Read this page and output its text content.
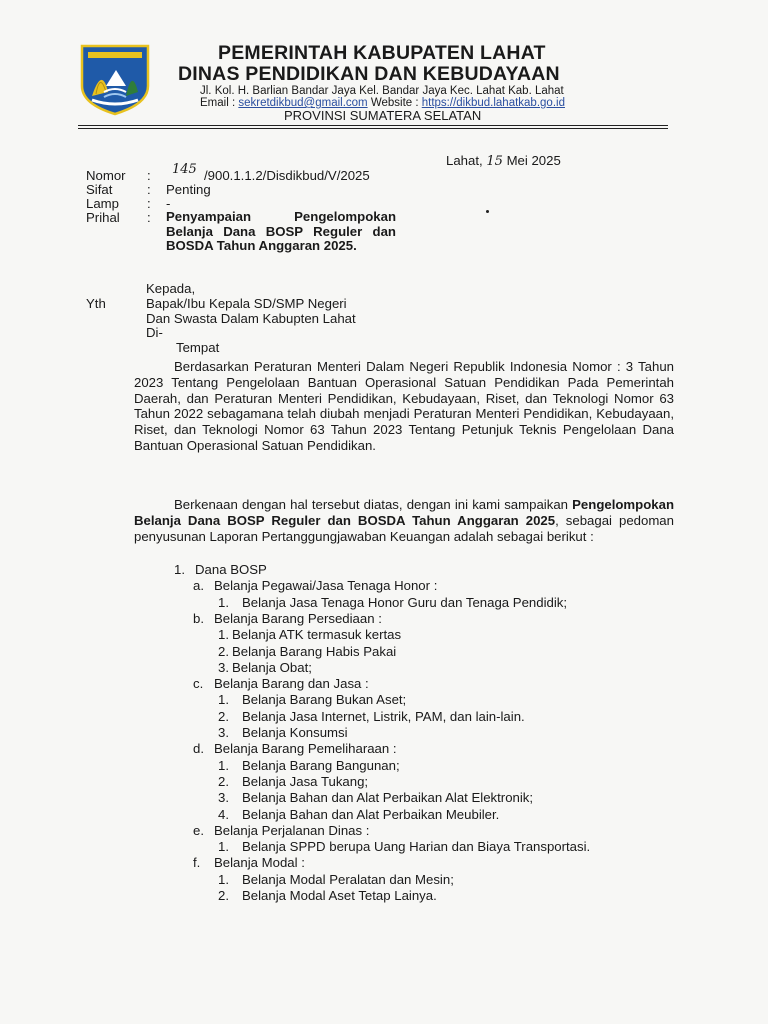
PEMERINTAH KABUPATEN LAHAT
DINAS PENDIDIKAN DAN KEBUDAYAAN
Jl. Kol. H. Barlian Bandar Jaya Kel. Bandar Jaya Kec. Lahat Kab. Lahat
Email : sekretdikbud@gmail.com Website : https://dikbud.lahatkab.go.id
PROVINSI SUMATERA SELATAN
Lahat, 15 Mei 2025
Nomor : 145 /900.1.1.2/Disdikbud/V/2025
Sifat	: Penting
Lamp : -
Prihal : Penyampaian Pengelompokan Belanja Dana BOSP Reguler dan BOSDA Tahun Anggaran 2025.
Kepada,
Yth	Bapak/Ibu Kepala SD/SMP Negeri
Dan Swasta Dalam Kabupten Lahat
Di-
Tempat
Berdasarkan Peraturan Menteri Dalam Negeri Republik Indonesia Nomor : 3 Tahun 2023 Tentang Pengelolaan Bantuan Operasional Satuan Pendidikan Pada Pemerintah Daerah, dan Peraturan Menteri Pendidikan, Kebudayaan, Riset, dan Teknologi Nomor 63 Tahun 2022 sebagamana telah diubah menjadi Peraturan Menteri Pendidikan, Kebudayaan, Riset, dan Teknologi Nomor 63 Tahun 2023 Tentang Petunjuk Teknis Pengelolaan Dana Bantuan Operasional Satuan Pendidikan.
Berkenaan dengan hal tersebut diatas, dengan ini kami sampaikan Pengelompokan Belanja Dana BOSP Reguler dan BOSDA Tahun Anggaran 2025, sebagai pedoman penyusunan Laporan Pertanggungjawaban Keuangan adalah sebagai berikut :
1. Dana BOSP
a. Belanja Pegawai/Jasa Tenaga Honor :
1. Belanja Jasa Tenaga Honor Guru dan Tenaga Pendidik;
b. Belanja Barang Persediaan :
1. Belanja ATK termasuk kertas
2. Belanja Barang Habis Pakai
3. Belanja Obat;
c. Belanja Barang dan Jasa :
1. Belanja Barang Bukan Aset;
2. Belanja Jasa Internet, Listrik, PAM, dan lain-lain.
3. Belanja Konsumsi
d. Belanja Barang Pemeliharaan :
1. Belanja Barang Bangunan;
2. Belanja Jasa Tukang;
3. Belanja Bahan dan Alat Perbaikan Alat Elektronik;
4. Belanja Bahan dan Alat Perbaikan Meubiler.
e. Belanja Perjalanan Dinas :
1. Belanja SPPD berupa Uang Harian dan Biaya Transportasi.
f. Belanja Modal :
1. Belanja Modal Peralatan dan Mesin;
2. Belanja Modal Aset Tetap Lainya.
